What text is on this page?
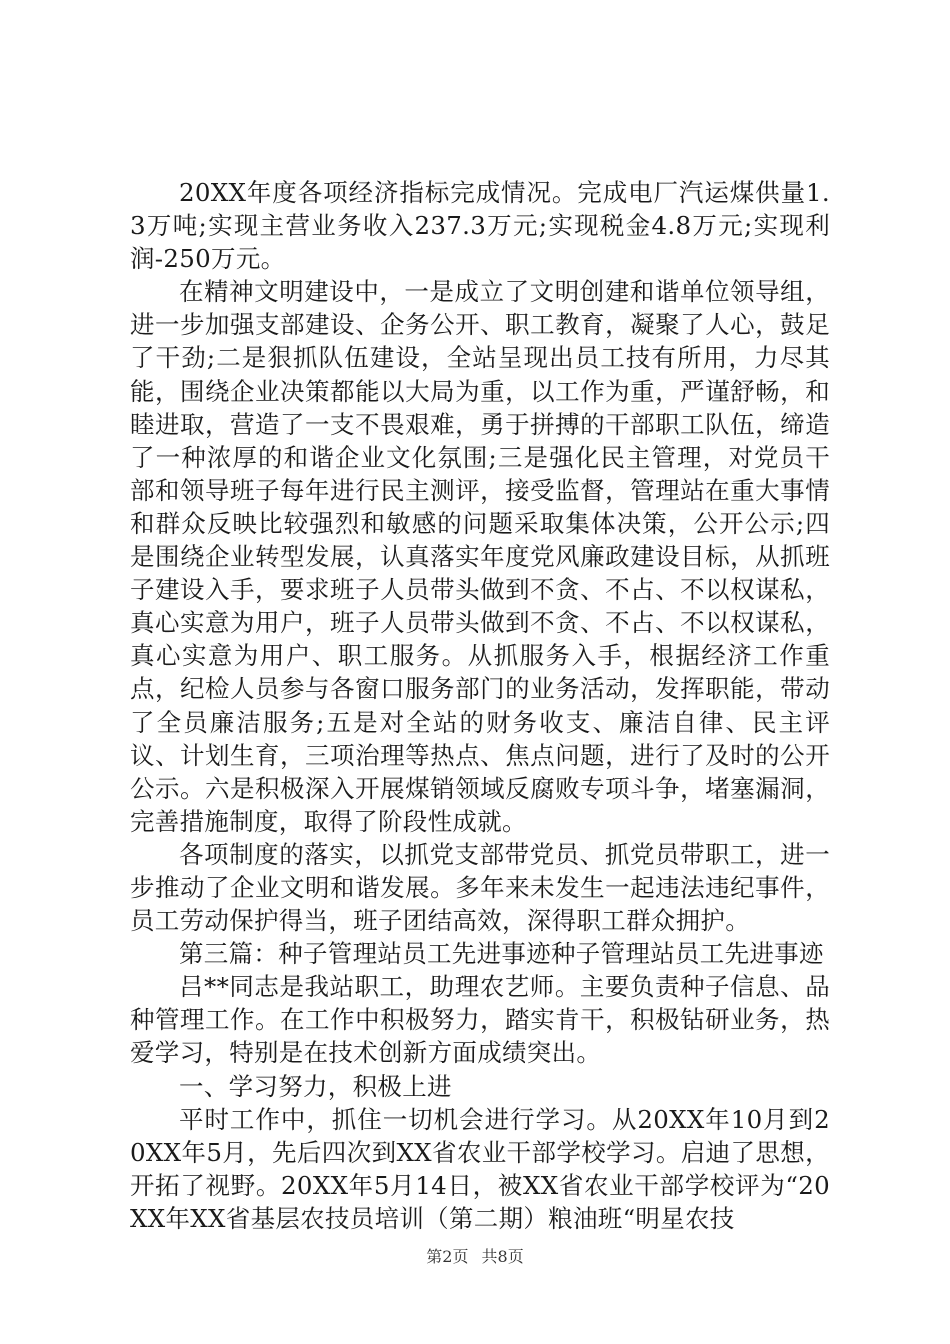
20XX年度各项经济指标完成情况。完成电厂汽运煤供量1.3万吨;实现主营业务收入237.3万元;实现税金4.8万元;实现利润-250万元。

在精神文明建设中，一是成立了文明创建和谐单位领导组，进一步加强支部建设、企务公开、职工教育，凝聚了人心，鼓足了干劲;二是狠抓队伍建设，全站呈现出员工技有所用，力尽其能，围绕企业决策都能以大局为重，以工作为重，严谨舒畅，和睦进取，营造了一支不畏艰难，勇于拼搏的干部职工队伍，缔造了一种浓厚的和谐企业文化氛围;三是强化民主管理，对党员干部和领导班子每年进行民主测评，接受监督，管理站在重大事情和群众反映比较强烈和敏感的问题采取集体决策，公开公示;四是围绕企业转型发展，认真落实年度党风廉政建设目标，从抓班子建设入手，要求班子人员带头做到不贪、不占、不以权谋私，真心实意为用户，班子人员带头做到不贪、不占、不以权谋私，真心实意为用户、职工服务。从抓服务入手，根据经济工作重点，纪检人员参与各窗口服务部门的业务活动，发挥职能，带动了全员廉洁服务;五是对全站的财务收支、廉洁自律、民主评议、计划生育，三项治理等热点、焦点问题，进行了及时的公开公示。六是积极深入开展煤销领域反腐败专项斗争，堵塞漏洞，完善措施制度，取得了阶段性成就。

各项制度的落实，以抓党支部带党员、抓党员带职工，进一步推动了企业文明和谐发展。多年来未发生一起违法违纪事件，员工劳动保护得当，班子团结高效，深得职工群众拥护。

第三篇：种子管理站员工先进事迹种子管理站员工先进事迹

吕**同志是我站职工，助理农艺师。主要负责种子信息、品种管理工作。在工作中积极努力，踏实肯干，积极钻研业务，热爱学习，特别是在技术创新方面成绩突出。

一、学习努力，积极上进

平时工作中，抓住一切机会进行学习。从20XX年10月到20XX年5月，先后四次到XX省农业干部学校学习。启迪了思想，开拓了视野。20XX年5月14日，被XX省农业干部学校评为“20XX年XX省基层农技员培训（第二期）粮油班“明星农技

第2页 共8页
